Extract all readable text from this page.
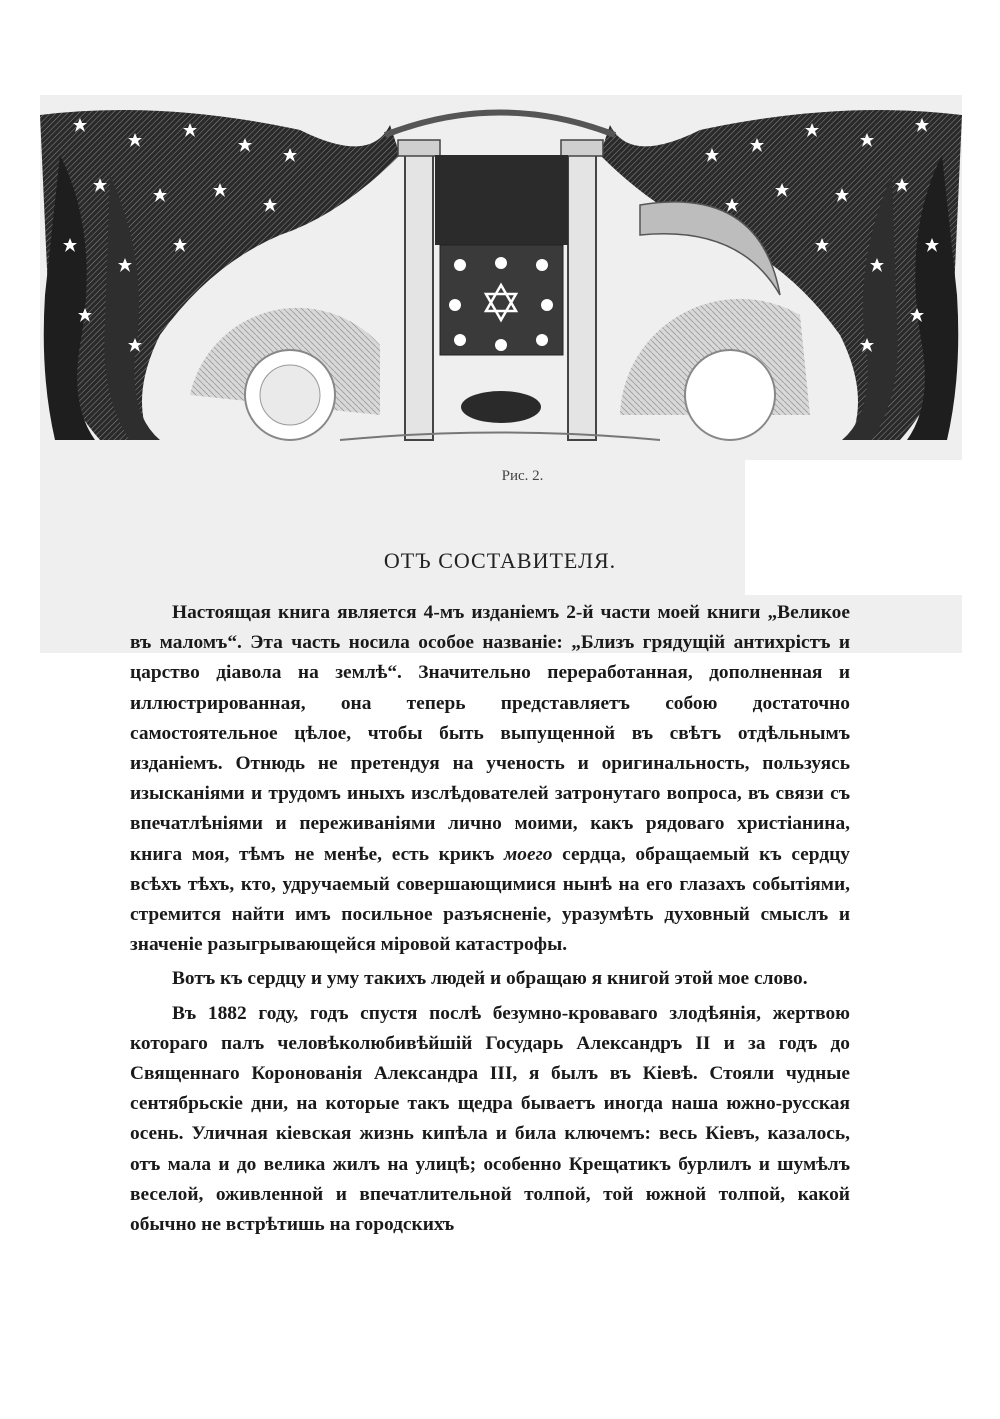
Рис. 2.
ОТЪ СОСТАВИТЕЛЯ.

Настоящая книга является 4-мъ изданіемъ 2-й части моей книги „Великое въ маломъ“. Эта часть носила особое названіе: „Близъ грядущій антихрістъ и царство діавола на землѣ“. Значительно переработанная, дополненная и иллюстрированная, она теперь представляетъ собою достаточно самостоятельное цѣлое, чтобы быть выпущенной въ свѣтъ отдѣльнымъ изданіемъ. Отнюдь не претендуя на ученость и оригинальность, пользуясь изысканіями и трудомъ иныхъ изслѣдователей затронутаго вопроса, въ связи съ впечатлѣніями и переживаніями лично моими, какъ рядоваго христіанина, книга моя, тѣмъ не менѣе, есть крикъ моего сердца, обращаемый къ сердцу всѣхъ тѣхъ, кто, удручаемый совершающимися нынѣ на его глазахъ событіями, стремится найти имъ посильное разъясненіе, уразумѣть духовный смыслъ и значеніе разыгрывающейся міровой катастрофы.

Вотъ къ сердцу и уму такихъ людей и обращаю я книгой этой мое слово.

Въ 1882 году, годъ спустя послѣ безумно-кроваваго злодѣянія, жертвою котораго палъ человѣколюбивѣйшій Государь Александръ II и за годъ до Священнаго Коронованія Александра III, я былъ въ Кіевѣ. Стояли чудные сентябрьскіе дни, на которые такъ щедра бываетъ иногда наша южно-русская осень. Уличная кіевская жизнь кипѣла и била ключемъ: весь Кіевъ, казалось, отъ мала и до велика жилъ на улицѣ; особенно Крещатикъ бурлилъ и шумѣлъ веселой, оживленной и впечатлительной толпой, той южной толпой, какой обычно не встрѣтишь на городскихъ
